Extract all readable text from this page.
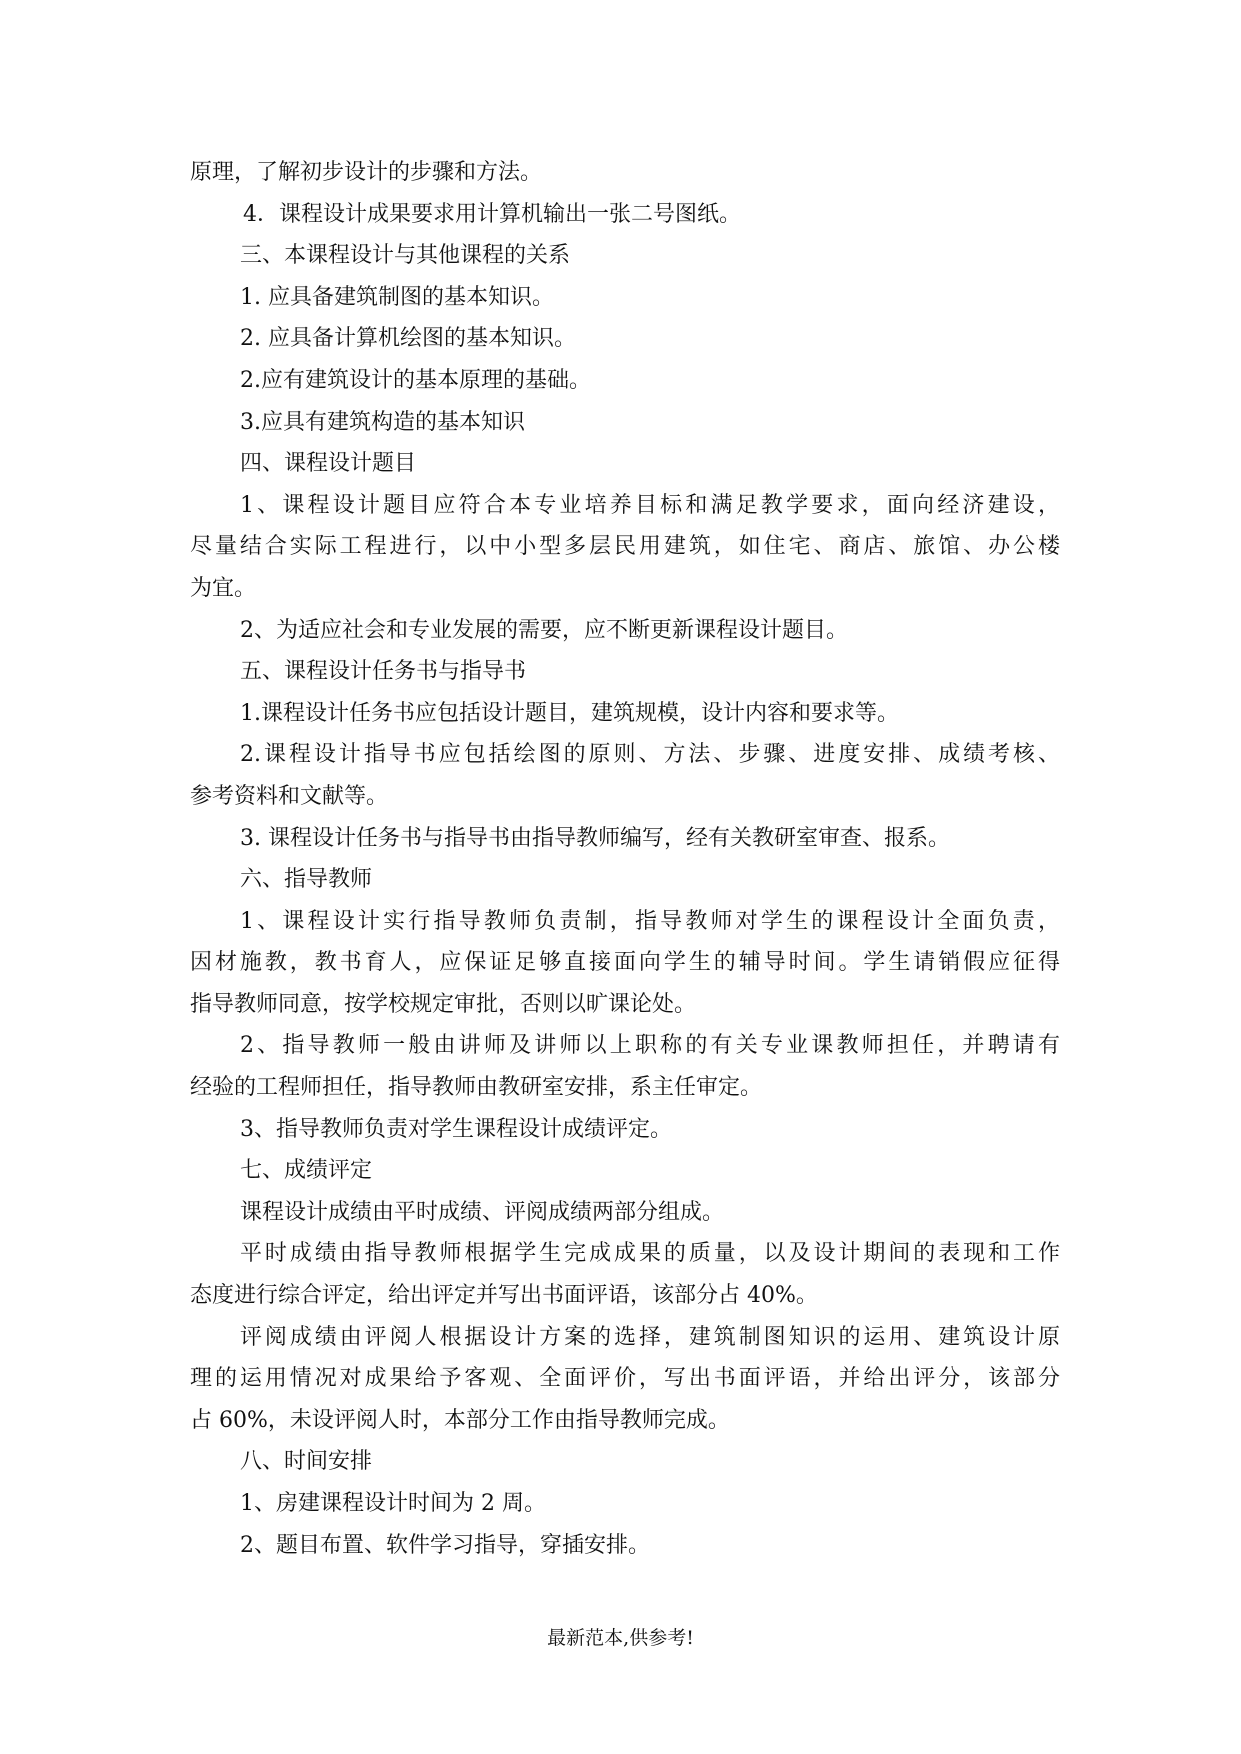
原理，了解初步设计的步骤和方法。
4．课程设计成果要求用计算机输出一张二号图纸。
三、本课程设计与其他课程的关系
1. 应具备建筑制图的基本知识。
2. 应具备计算机绘图的基本知识。
2.应有建筑设计的基本原理的基础。
3.应具有建筑构造的基本知识
四、课程设计题目
1、课程设计题目应符合本专业培养目标和满足教学要求，面向经济建设，
尽量结合实际工程进行，以中小型多层民用建筑，如住宅、商店、旅馆、办公楼
为宜。
2、为适应社会和专业发展的需要，应不断更新课程设计题目。
五、课程设计任务书与指导书
1.课程设计任务书应包括设计题目，建筑规模，设计内容和要求等。
2.课程设计指导书应包括绘图的原则、方法、步骤、进度安排、成绩考核、
参考资料和文献等。
3. 课程设计任务书与指导书由指导教师编写，经有关教研室审查、报系。
六、指导教师
1、课程设计实行指导教师负责制，指导教师对学生的课程设计全面负责，
因材施教，教书育人，应保证足够直接面向学生的辅导时间。学生请销假应征得
指导教师同意，按学校规定审批，否则以旷课论处。
2、指导教师一般由讲师及讲师以上职称的有关专业课教师担任，并聘请有
经验的工程师担任，指导教师由教研室安排，系主任审定。
3、指导教师负责对学生课程设计成绩评定。
七、成绩评定
课程设计成绩由平时成绩、评阅成绩两部分组成。
平时成绩由指导教师根据学生完成成果的质量，以及设计期间的表现和工作
态度进行综合评定，给出评定并写出书面评语，该部分占 40%。
评阅成绩由评阅人根据设计方案的选择，建筑制图知识的运用、建筑设计原
理的运用情况对成果给予客观、全面评价，写出书面评语，并给出评分，该部分
占 60%，未设评阅人时，本部分工作由指导教师完成。
八、时间安排
1、房建课程设计时间为 2 周。
2、题目布置、软件学习指导，穿插安排。
最新范本,供参考!
